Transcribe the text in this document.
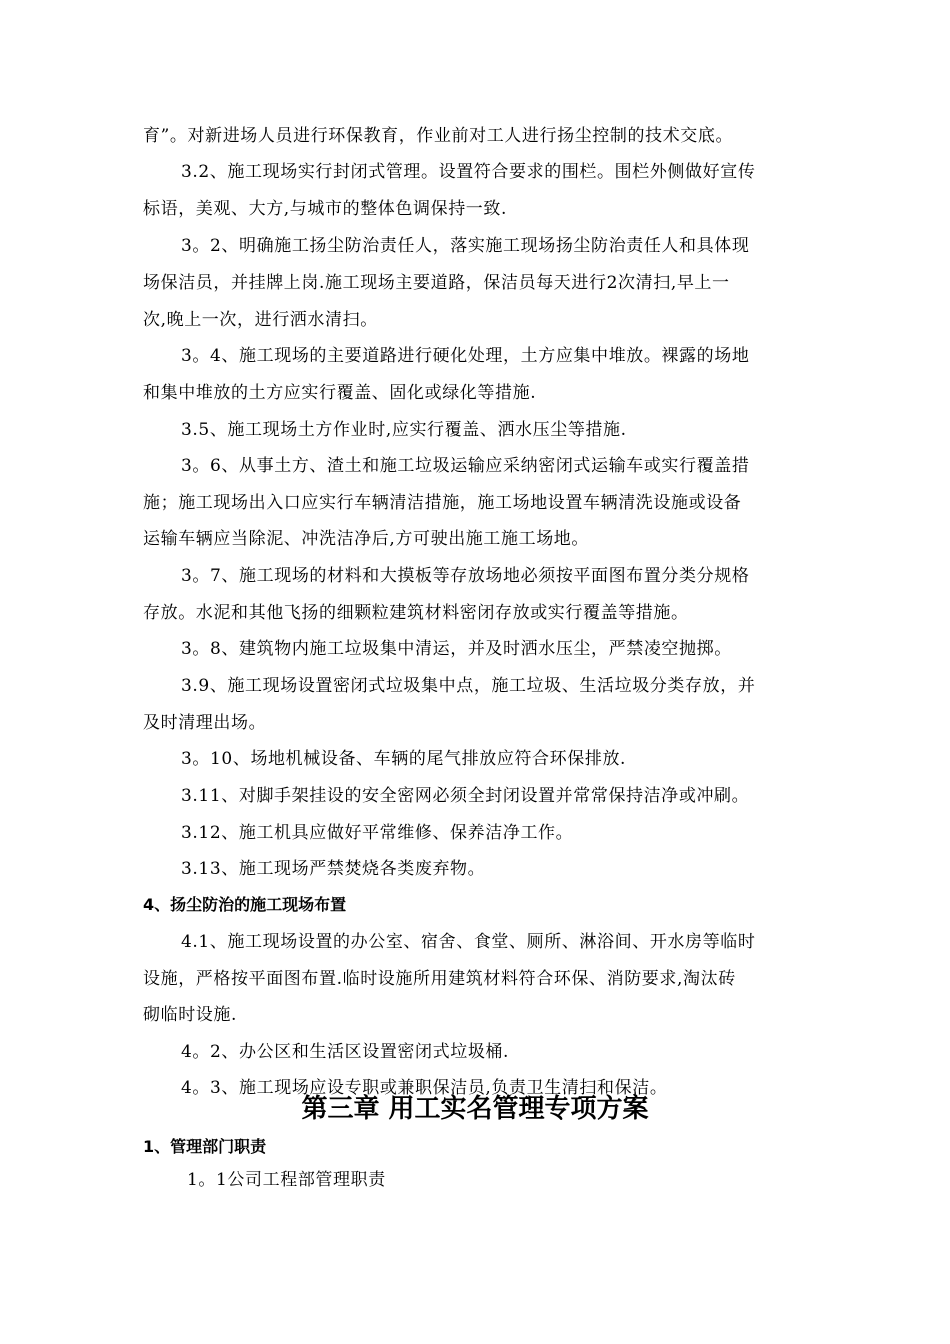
育”。对新进场人员进行环保教育，作业前对工人进行扬尘控制的技术交底。
3.2、施工现场实行封闭式管理。设置符合要求的围栏。围栏外侧做好宣传
标语，美观、大方,与城市的整体色调保持一致.
3。2、明确施工扬尘防治责任人，落实施工现场扬尘防治责任人和具体现
场保洁员，并挂牌上岗.施工现场主要道路，保洁员每天进行2次清扫,早上一
次,晚上一次，进行洒水清扫。
3。4、施工现场的主要道路进行硬化处理，土方应集中堆放。裸露的场地
和集中堆放的土方应实行覆盖、固化或绿化等措施.
3.5、施工现场土方作业时,应实行覆盖、洒水压尘等措施.
3。6、从事土方、渣土和施工垃圾运输应采纳密闭式运输车或实行覆盖措
施；施工现场出入口应实行车辆清洁措施，施工场地设置车辆清洗设施或设备
运输车辆应当除泥、冲洗洁净后,方可驶出施工施工场地。
3。7、施工现场的材料和大摸板等存放场地必须按平面图布置分类分规格
存放。水泥和其他飞扬的细颗粒建筑材料密闭存放或实行覆盖等措施。
3。8、建筑物内施工垃圾集中清运，并及时洒水压尘，严禁凌空抛掷。
3.9、施工现场设置密闭式垃圾集中点，施工垃圾、生活垃圾分类存放，并
及时清理出场。
3。10、场地机械设备、车辆的尾气排放应符合环保排放.
3.11、对脚手架挂设的安全密网必须全封闭设置并常常保持洁净或冲刷。
3.12、施工机具应做好平常维修、保养洁净工作。
3.13、施工现场严禁焚烧各类废弃物。
4、扬尘防治的施工现场布置
4.1、施工现场设置的办公室、宿舍、食堂、厕所、淋浴间、开水房等临时
设施，严格按平面图布置.临时设施所用建筑材料符合环保、消防要求,淘汰砖
砌临时设施.
4。2、办公区和生活区设置密闭式垃圾桶.
4。3、施工现场应设专职或兼职保洁员,负责卫生清扫和保洁。
第三章 用工实名管理专项方案
1、管理部门职责
1。1公司工程部管理职责
